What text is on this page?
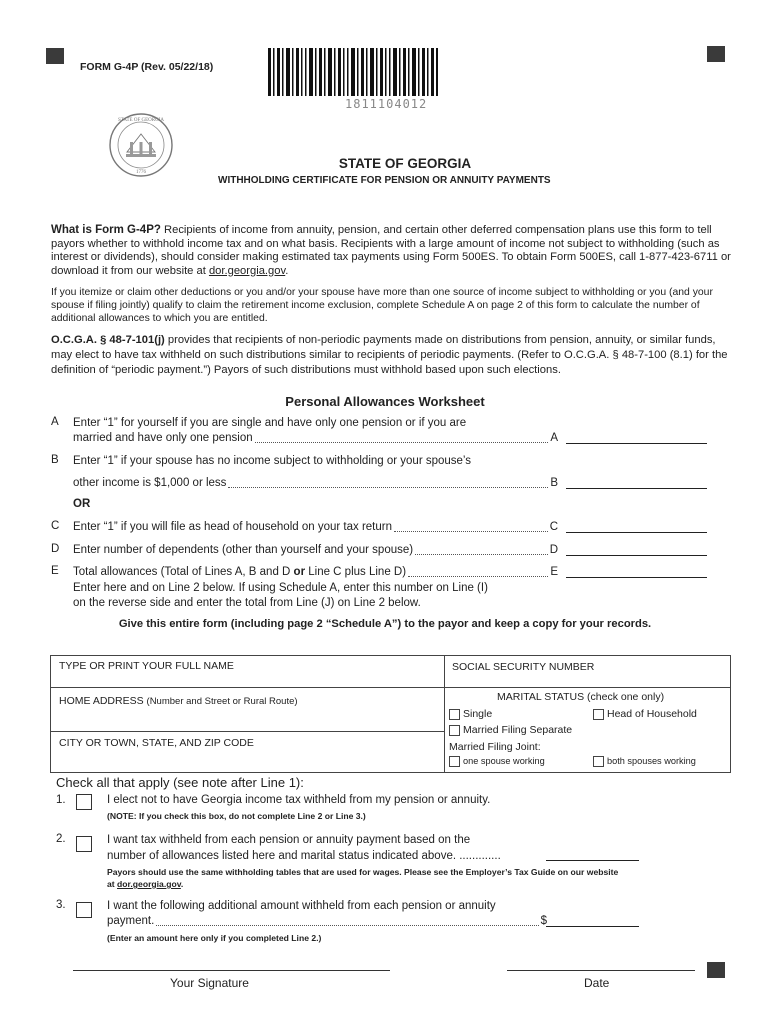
FORM G-4P (Rev. 05/22/18)
1811104012
STATE OF GEORGIA
1776
STATE OF GEORGIA
WITHHOLDING CERTIFICATE FOR PENSION OR ANNUITY PAYMENTS
What is Form G-4P? Recipients of income from annuity, pension, and certain other deferred compensation plans use this form to tell payors whether to withhold income tax and on what basis. Recipients with a large amount of income not subject to withholding (such as interest or dividends), should consider making estimated tax payments using Form 500ES. To obtain Form 500ES, call 1-877-423-6711 or download it from our website at dor.georgia.gov.
If you itemize or claim other deductions or you and/or your spouse have more than one source of income subject to withholding or you (and your spouse if filing jointly) qualify to claim the retirement income exclusion, complete Schedule A on page 2 of this form to calculate the number of additional allowances to which you are entitled.
O.C.G.A. § 48-7-101(j) provides that recipients of non-periodic payments made on distributions from pension, annuity, or similar funds, may elect to have tax withheld on such distributions similar to recipients of periodic payments. (Refer to O.C.G.A. § 48-7-100 (8.1) for the definition of “periodic payment.”) Payors of such distributions must withhold based upon such elections.
Personal Allowances Worksheet
A Enter “1” for yourself if you are single and have only one pension or if you are
married and have only one pension	A
B Enter “1” if your spouse has no income subject to withholding or your spouse’s
other income is $1,000 or less	B
OR
C Enter “1” if you will file as head of household on your tax return	C
D Enter number of dependents (other than yourself and your spouse)	D
E Total allowances (Total of Lines A, B and D or Line C plus Line D)	E
Enter here and on Line 2 below. If using Schedule A, enter this number on Line (I)
on the reverse side and enter the total from Line (J) on Line 2 below.
Give this entire form (including page 2 “Schedule A”) to the payor and keep a copy for your records.
TYPE OR PRINT YOUR FULL NAME	SOCIAL SECURITY NUMBER
HOME ADDRESS (Number and Street or Rural Route)
CITY OR TOWN, STATE, AND ZIP CODE
MARITAL STATUS (check one only)
Single	Head of Household
Married Filing Separate
Married Filing Joint:
one spouse working	both spouses working
Check all that apply (see note after Line 1):
1.	I elect not to have Georgia income tax withheld from my pension or annuity.
(NOTE: If you check this box, do not complete Line 2 or Line 3.)
2.	I want tax withheld from each pension or annuity payment based on the
number of allowances listed here and marital status indicated above. .............
Payors should use the same withholding tables that are used for wages. Please see the Employer’s Tax Guide on our website
at dor.georgia.gov.
3.	I want the following additional amount withheld from each pension or annuity
payment.	$
(Enter an amount here only if you completed Line 2.)
Your Signature	Date
